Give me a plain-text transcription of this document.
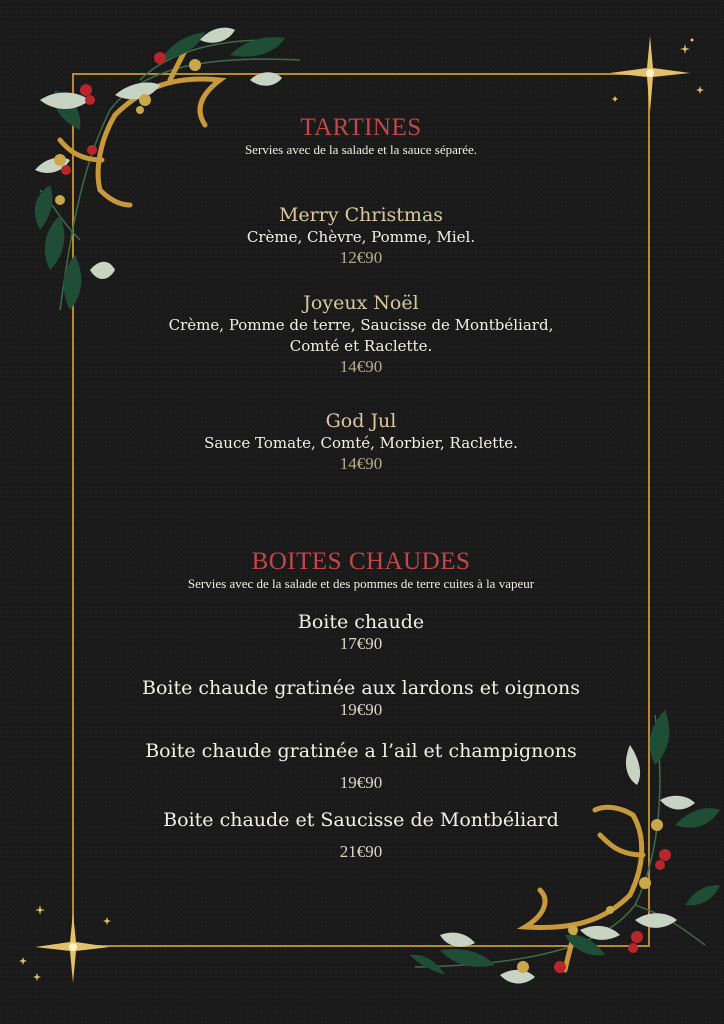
TARTINES
Servies avec de la salade et la sauce séparée.
Merry Christmas
Crème, Chèvre, Pomme, Miel.
12€90
Joyeux Noël
Crème, Pomme de terre, Saucisse de Montbéliard,
Comté et Raclette.
14€90
God Jul
Sauce Tomate, Comté, Morbier, Raclette.
14€90
BOITES CHAUDES
Servies avec de la salade et des pommes de terre cuites à la vapeur
Boite chaude
17€90
Boite chaude gratinée aux lardons et oignons
19€90
Boite chaude gratinée a l’ail et champignons
19€90
Boite chaude et Saucisse de Montbéliard
21€90
